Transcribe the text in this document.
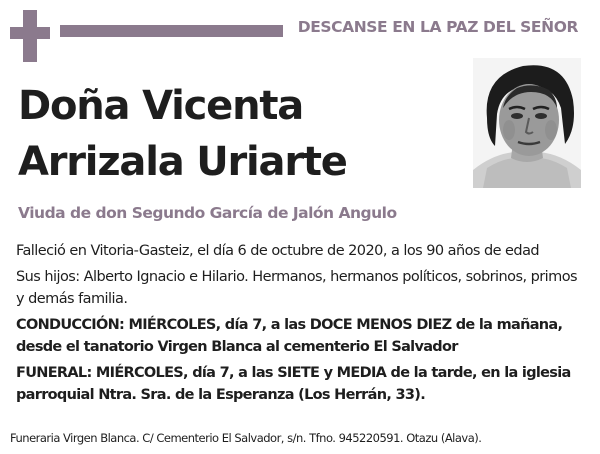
DESCANSE EN LA PAZ DEL SEÑOR
Doña Vicenta
Arrizala Uriarte
Viuda de don Segundo García de Jalón Angulo

Falleció en Vitoria-Gasteiz, el día 6 de octubre de 2020, a los 90 años de edad

Sus hijos: Alberto Ignacio e Hilario. Hermanos, hermanos políticos, sobrinos, primos y demás familia.

CONDUCCIÓN: MIÉRCOLES, día 7, a las DOCE MENOS DIEZ de la mañana, desde el tanatorio Virgen Blanca al cementerio El Salvador

FUNERAL: MIÉRCOLES, día 7, a las SIETE y MEDIA de la tarde, en la iglesia parroquial Ntra. Sra. de la Esperanza (Los Herrán, 33).

Funeraria Virgen Blanca. C/ Cementerio El Salvador, s/n. Tfno. 945220591. Otazu (Alava).
